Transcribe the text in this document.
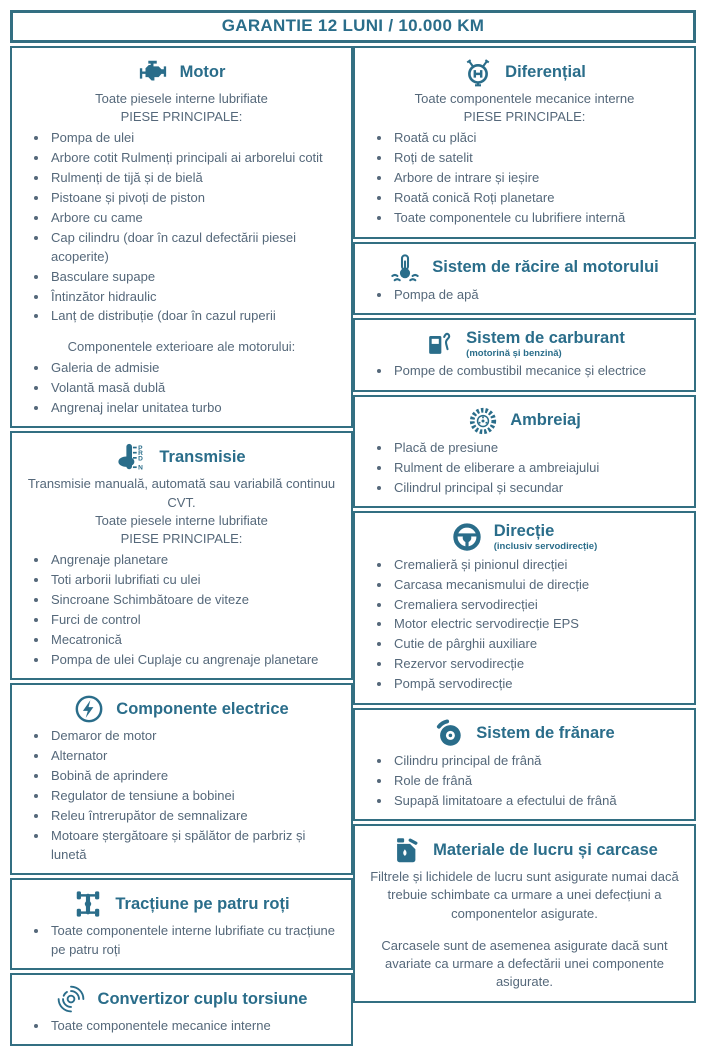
GARANTIE 12 LUNI / 10.000 KM
Motor
Toate piesele interne lubrifiate
PIESE PRINCIPALE:
• Pompa de ulei
• Arbore cotit Rulmenți principali ai arborelui cotit
• Rulmenți de tijă și de bielă
• Pistoane și pivoți de piston
• Arbore cu came
• Cap cilindru (doar în cazul defectării piesei acoperite)
• Basculare supape
• Întinzător hidraulic
• Lanț de distribuție (doar în cazul ruperii
Componentele exterioare ale motorului:
• Galeria de admisie
• Volantă masă dublă
• Angrenaj inelar unitatea turbo
P
R
D
N
Transmisie
Transmisie manuală, automată sau variabilă continuu CVT.
Toate piesele interne lubrifiate
PIESE PRINCIPALE:
• Angrenaje planetare
• Toti arborii lubrifiati cu ulei
• Sincroane Schimbătoare de viteze
• Furci de control
• Mecatronică
• Pompa de ulei Cuplaje cu angrenaje planetare
Componente electrice
• Demaror de motor
• Alternator
• Bobină de aprindere
• Regulator de tensiune a bobinei
• Releu întrerupător de semnalizare
• Motoare ștergătoare și spălător de parbriz și lunetă
Tracțiune pe patru roți
• Toate componentele interne lubrifiate cu tracțiune pe patru roți
Convertizor cuplu torsiune
• Toate componentele mecanice interne
Diferențial
Toate componentele mecanice interne
PIESE PRINCIPALE:
• Roată cu plăci
• Roți de satelit
• Arbore de intrare și ieșire
• Roată conică Roți planetare
• Toate componentele cu lubrifiere internă
Sistem de răcire al motorului
• Pompa de apă
Sistem de carburant
(motorină și benzină)
• Pompe de combustibil mecanice și electrice
Ambreiaj
• Placă de presiune
• Rulment de eliberare a ambreiajului
• Cilindrul principal și secundar
Direcție
(inclusiv servodirecție)
• Cremalieră și pinionul direcției
• Carcasa mecanismului de direcție
• Cremaliera servodirecției
• Motor electric servodirecție EPS
• Cutie de pârghii auxiliare
• Rezervor servodirecție
• Pompă servodirecție
Sistem de frănare
• Cilindru principal de frână
• Role de frână
• Supapă limitatoare a efectului de frână
Materiale de lucru și carcase
Filtrele și lichidele de lucru sunt asigurate numai dacă trebuie schimbate ca urmare a unei defecțiuni a componentelor asigurate.
Carcasele sunt de asemenea asigurate dacă sunt avariate ca urmare a defectării unei componente asigurate.
